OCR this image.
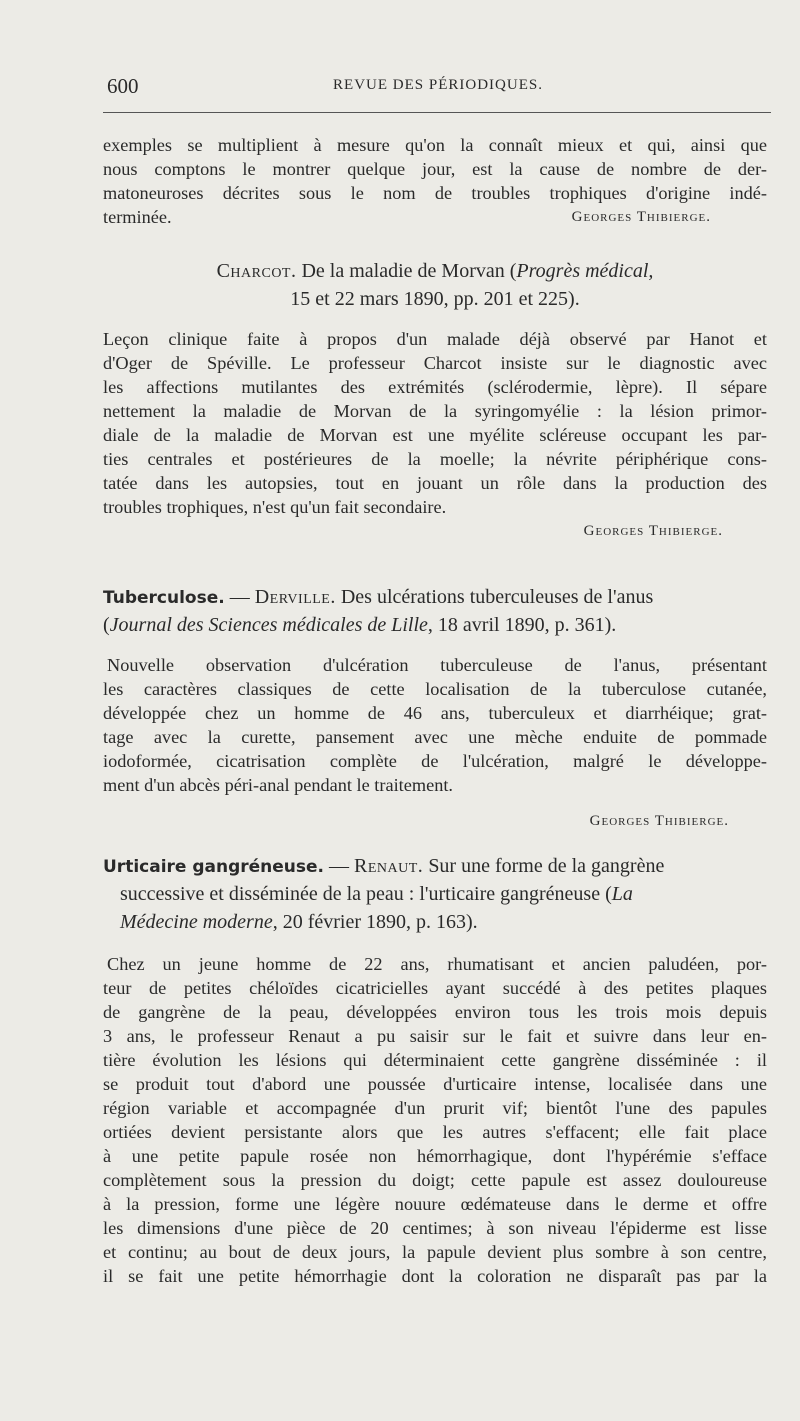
600	REVUE DES PÉRIODIQUES.
exemples se multiplient à mesure qu'on la connaît mieux et qui, ainsi que
nous comptons le montrer quelque jour, est la cause de nombre de der-
matoneuroses décrites sous le nom de troubles trophiques d'origine indé-
terminée.	Georges Thibierge.
Charcot. De la maladie de Morvan (Progrès médical,
15 et 22 mars 1890, pp. 201 et 225).
Leçon clinique faite à propos d'un malade déjà observé par Hanot et
d'Oger de Spéville. Le professeur Charcot insiste sur le diagnostic avec
les affections mutilantes des extrémités (sclérodermie, lèpre). Il sépare
nettement la maladie de Morvan de la syringomyélie : la lésion primor-
diale de la maladie de Morvan est une myélite scléreuse occupant les par-
ties centrales et postérieures de la moelle; la névrite périphérique cons-
tatée dans les autopsies, tout en jouant un rôle dans la production des
troubles trophiques, n'est qu'un fait secondaire.
Georges Thibierge.
Tuberculose. — Derville. Des ulcérations tuberculeuses de l'anus
(Journal des Sciences médicales de Lille, 18 avril 1890, p. 361).
Nouvelle observation d'ulcération tuberculeuse de l'anus, présentant
les caractères classiques de cette localisation de la tuberculose cutanée,
développée chez un homme de 46 ans, tuberculeux et diarrhéique; grat-
tage avec la curette, pansement avec une mèche enduite de pommade
iodoformée, cicatrisation complète de l'ulcération, malgré le développe-
ment d'un abcès péri-anal pendant le traitement.
Georges Thibierge.
Urticaire gangréneuse. — Renaut. Sur une forme de la gangrène
successive et disséminée de la peau : l'urticaire gangréneuse (La
Médecine moderne, 20 février 1890, p. 163).
Chez un jeune homme de 22 ans, rhumatisant et ancien paludéen, por-
teur de petites chéloïdes cicatricielles ayant succédé à des petites plaques
de gangrène de la peau, développées environ tous les trois mois depuis
3 ans, le professeur Renaut a pu saisir sur le fait et suivre dans leur en-
tière évolution les lésions qui déterminaient cette gangrène disséminée : il
se produit tout d'abord une poussée d'urticaire intense, localisée dans une
région variable et accompagnée d'un prurit vif; bientôt l'une des papules
ortiées devient persistante alors que les autres s'effacent; elle fait place
à une petite papule rosée non hémorrhagique, dont l'hypérémie s'efface
complètement sous la pression du doigt; cette papule est assez douloureuse
à la pression, forme une légère nouure œdémateuse dans le derme et offre
les dimensions d'une pièce de 20 centimes; à son niveau l'épiderme est lisse
et continu; au bout de deux jours, la papule devient plus sombre à son centre,
il se fait une petite hémorrhagie dont la coloration ne disparaît pas par la
